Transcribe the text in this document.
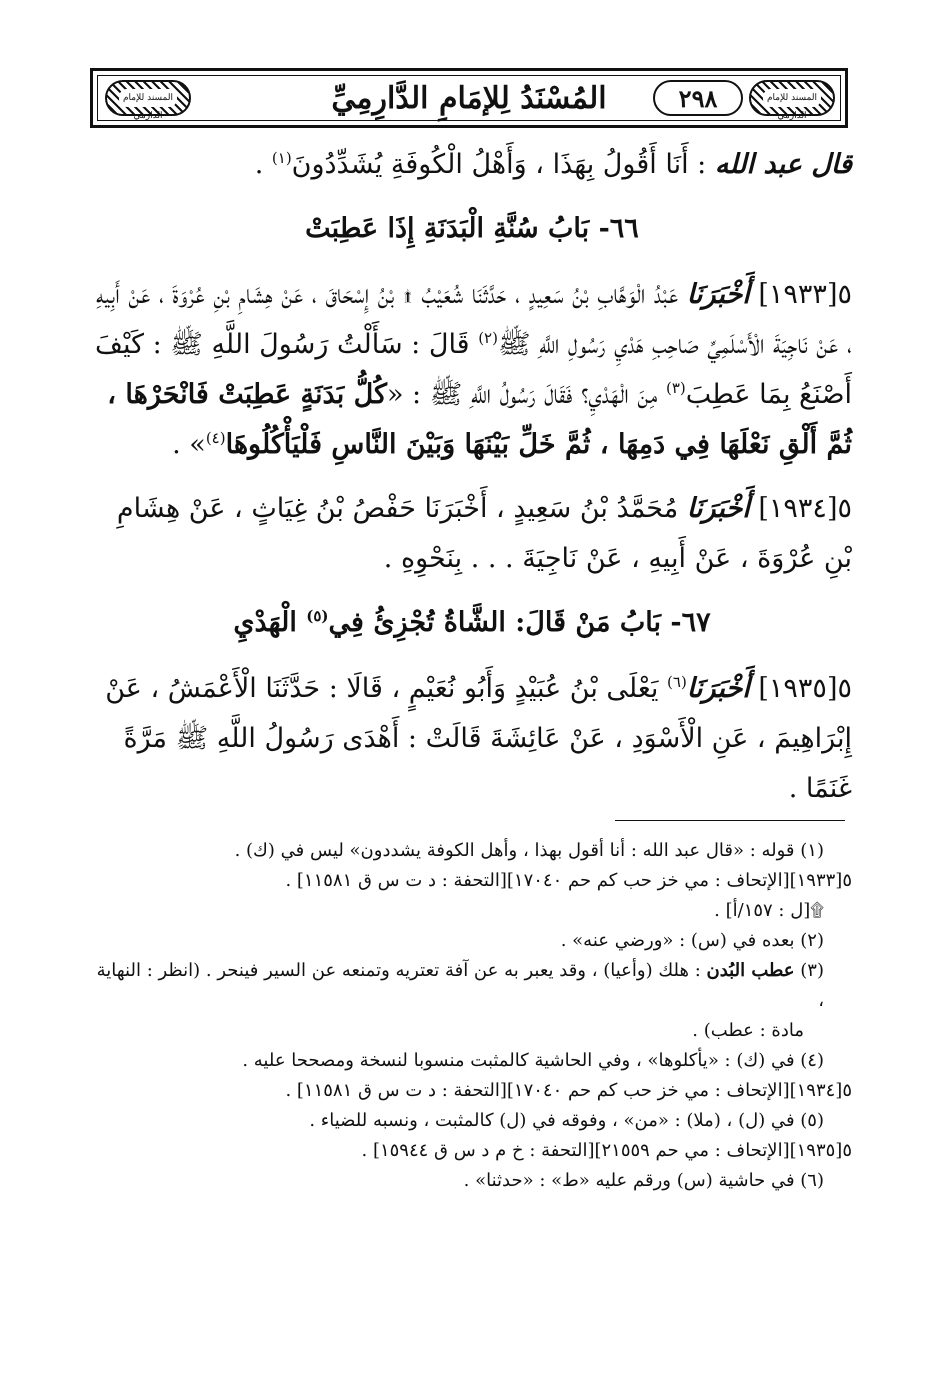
المسند للإمام الدارمي
المُسْنَدُ لِلإمَامِ الدَّارِمِيِّ	٢٩٨	المسند للإمام الدارمي

قال عبد الله : أَنَا أَقُولُ بِهَذَا ، وَأَهْلُ الْكُوفَةِ يُشَدِّدُونَ$^{(١)}$ .

٦٦- بَابُ سُنَّةِ الْبَدَنَةِ إِذَا عَطِبَتْ

٥[١٩٣٣] أَخْبَرَنَا عَبْدُ الْوَهَّابِ بْنُ سَعِيدٍ ، حَدَّثَنَا شُعَيْبُ ۩ بْنُ إِسْحَاقَ ، عَنْ هِشَامِ بْنِ عُرْوَةَ ، عَنْ أَبِيهِ ، عَنْ نَاجِيَةَ الْأَسْلَمِيِّ صَاحِبِ هَدْيِ رَسُولِ اللَّهِ ﷺ$^{(٢)}$ قَالَ : سَأَلْتُ رَسُولَ اللَّهِ ﷺ : كَيْفَ أَصْنَعُ بِمَا عَطِبَ$^{(٣)}$ مِنَ الْهَدْيِ؟ فَقَالَ رَسُولُ اللَّهِ ﷺ : «كُلُّ بَدَنَةٍ عَطِبَتْ فَانْحَرْهَا ، ثُمَّ أَلْقِ نَعْلَهَا فِي دَمِهَا ، ثُمَّ خَلِّ بَيْنَهَا وَبَيْنَ النَّاسِ فَلْيَأْكُلُوهَا$^{(٤)}$» .

٥[١٩٣٤] أَخْبَرَنَا مُحَمَّدُ بْنُ سَعِيدٍ ، أَخْبَرَنَا حَفْصُ بْنُ غِيَاثٍ ، عَنْ هِشَامِ بْنِ عُرْوَةَ ، عَنْ أَبِيهِ ، عَنْ نَاجِيَةَ . . . بِنَحْوِهِ .

٦٧- بَابُ مَنْ قَالَ: الشَّاةُ تُجْزِئُ فِي$^{(٥)}$ الْهَدْيِ

٥[١٩٣٥] أَخْبَرَنَا$^{(٦)}$ يَعْلَى بْنُ عُبَيْدٍ وَأَبُو نُعَيْمٍ ، قَالَا : حَدَّثَنَا الْأَعْمَشُ ، عَنْ إِبْرَاهِيمَ ، عَنِ الْأَسْوَدِ ، عَنْ عَائِشَةَ قَالَتْ : أَهْدَى رَسُولُ اللَّهِ ﷺ مَرَّةً غَنَمًا .

(١) قوله : «قال عبد الله : أنا أقول بهذا ، وأهل الكوفة يشددون» ليس في (ك) .

٥[١٩٣٣][الإتحاف : مي خز حب كم حم ١٧٠٤٠][التحفة : د ت س ق ١١٥٨١] .

۩[ل : ١٥٧/أ] .

(٢) بعده في (س) : «ورضي عنه» .

(٣) عطب البُدن : هلك (وأعيا) ، وقد يعبر به عن آفة تعتريه وتمنعه عن السير فينحر . (انظر : النهاية ،

مادة : عطب) .

(٤) في (ك) : «يأكلوها» ، وفي الحاشية كالمثبت منسوبا لنسخة ومصححا عليه .

٥[١٩٣٤][الإتحاف : مي خز حب كم حم ١٧٠٤٠][التحفة : د ت س ق ١١٥٨١] .

(٥) في (ل) ، (ملا) : «من» ، وفوقه في (ل) كالمثبت ، ونسبه للضياء .

٥[١٩٣٥][الإتحاف : مي حم ٢١٥٥٩][التحفة : خ م د س ق ١٥٩٤٤] .

(٦) في حاشية (س) ورقم عليه «ط» : «حدثنا» .
